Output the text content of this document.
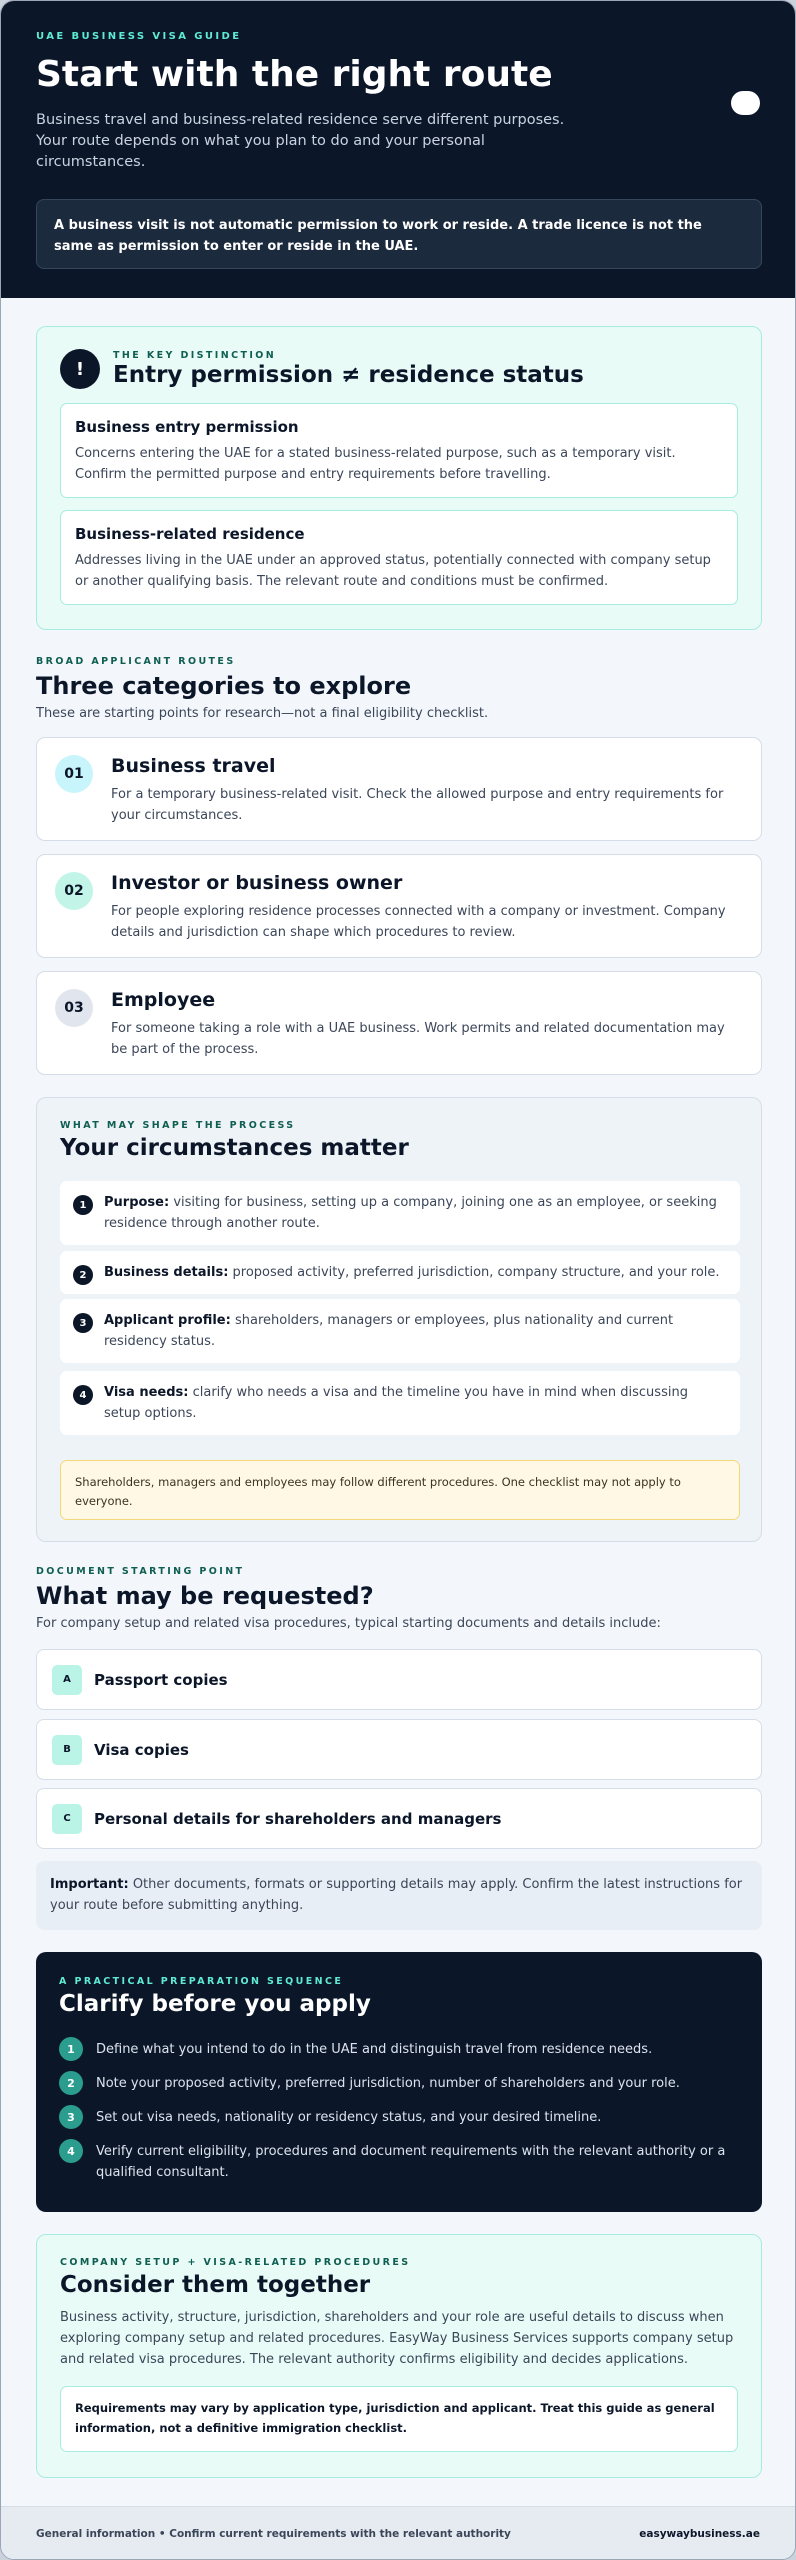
UAE BUSINESS VISA GUIDE
Start with the right route

Business travel and business-related residence serve different purposes. Your route depends on what you plan to do and your personal circumstances.

A business visit is not automatic permission to work or reside. A trade licence is not the same as permission to enter or reside in the UAE.
!
THE KEY DISTINCTION
Entry permission ≠ residence status
Business entry permission
Concerns entering the UAE for a stated business-related purpose, such as a temporary visit. Confirm the permitted purpose and entry requirements before travelling.
Business-related residence
Addresses living in the UAE under an approved status, potentially connected with company setup or another qualifying basis. The relevant route and conditions must be confirmed.
BROAD APPLICANT ROUTES
Three categories to explore

These are starting points for research—not a final eligibility checklist.

01	Business travel
For a temporary business-related visit. Check the allowed purpose and entry requirements for your circumstances.
02	Investor or business owner
For people exploring residence processes connected with a company or investment. Company details and jurisdiction can shape which procedures to review.
03	Employee
For someone taking a role with a UAE business. Work permits and related documentation may be part of the process.
WHAT MAY SHAPE THE PROCESS
Your circumstances matter
1	Purpose: visiting for business, setting up a company, joining one as an employee, or seeking residence through another route.
2	Business details: proposed activity, preferred jurisdiction, company structure, and your role.
3	Applicant profile: shareholders, managers or employees, plus nationality and current residency status.
4	Visa needs: clarify who needs a visa and the timeline you have in mind when discussing setup options.
Shareholders, managers and employees may follow different procedures. One checklist may not apply to everyone.
DOCUMENT STARTING POINT
What may be requested?

For company setup and related visa procedures, typical starting documents and details include:

A	Passport copies
B	Visa copies
C	Personal details for shareholders and managers
Important: Other documents, formats or supporting details may apply. Confirm the latest instructions for your route before submitting anything.
A PRACTICAL PREPARATION SEQUENCE
Clarify before you apply
1	Define what you intend to do in the UAE and distinguish travel from residence needs.
2	Note your proposed activity, preferred jurisdiction, number of shareholders and your role.
3	Set out visa needs, nationality or residency status, and your desired timeline.
4	Verify current eligibility, procedures and document requirements with the relevant authority or a qualified consultant.
COMPANY SETUP + VISA-RELATED PROCEDURES
Consider them together

Business activity, structure, jurisdiction, shareholders and your role are useful details to discuss when exploring company setup and related procedures. EasyWay Business Services supports company setup and related visa procedures. The relevant authority confirms eligibility and decides applications.

Requirements may vary by application type, jurisdiction and applicant. Treat this guide as general information, not a definitive immigration checklist.
General information • Confirm current requirements with the relevant authority	easywaybusiness.ae
